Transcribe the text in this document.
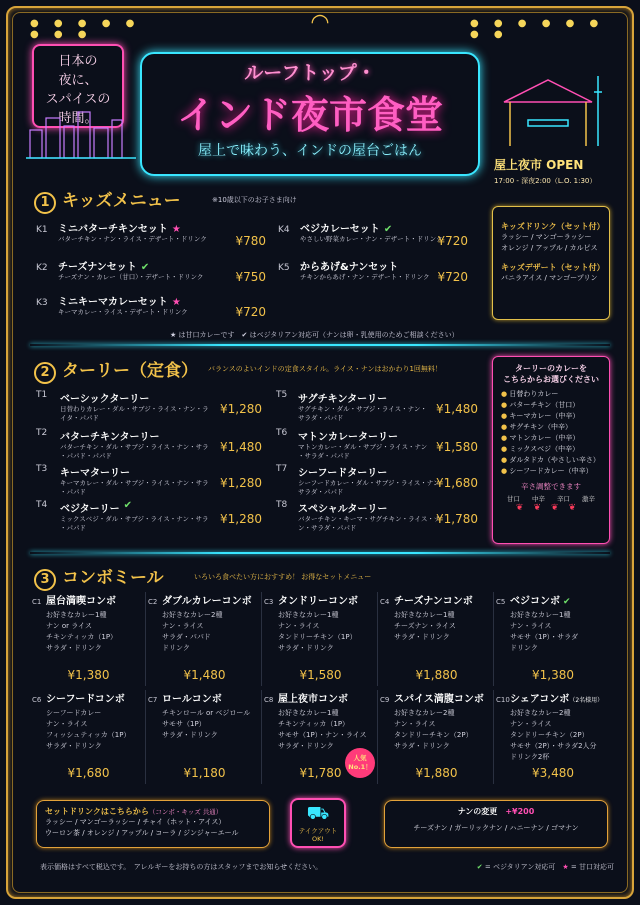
● ● ● ● ● ● ● ●
● ● ● ● ● ● ● ●
◠
日本の
夜に、
スパイスの
時間。
ルーフトップ・
インド夜市食堂
屋上で味わう、インドの屋台ごはん
屋上夜市 OPEN
17:00 - 深夜2:00（L.O. 1:30）
1 キッズメニュー	※10歳以下のお子さま向け
K1	ミニバターチキンセット ★
バターチキン・ナン・ライス・デザート・ドリンク	¥780
K2	チーズナンセット ✔
チーズナン・カレー（甘口）・デザート・ドリンク	¥750
K3	ミニキーマカレーセット ★
キーマカレー・ライス・デザート・ドリンク	¥720
K4	ベジカレーセット ✔
やさしい野菜カレー・ナン・デザート・ドリンク
¥720
K5	からあげ&ナンセット
チキンからあげ・ナン・デザート・ドリンク ¥720
★ は甘口カレーです　✔ はベジタリアン対応可（ナンは卵・乳使用のためご相談ください）
キッズドリンク（セット付）
ラッシー / マンゴーラッシー
オレンジ / アップル / カルピス
キッズデザート（セット付）
バニラアイス / マンゴープリン
2 ターリー（定食）	バランスのよいインドの定食スタイル。ライス・ナンはおかわり1回無料！
T1	ベーシックターリー
日替わりカレー・ダル・サブジ・ライス・ナン・ラ
イタ・パパド
¥1,280
T2	バターチキンターリー
バターチキン・ダル・サブジ・ライス・ナン・サラ
・パパド・パパド
¥1,480
T3	キーマターリー
キーマカレー・ダル・サブジ・ライス・ナン・サラ
・パパド
¥1,280
T4	ベジターリー ✔
ミックスベジ・ダル・サブジ・ライス・ナン・サラ
・パパド
¥1,280
T5	サグチキンターリー
サグチキン・ダル・サブジ・ライス・ナン・
サラダ・パパド
¥1,480
T6	マトンカレーターリー
マトンカレー・ダル・サブジ・ライス・ナン
・サラダ・パパド
¥1,580
T7	シーフードターリー
シーフードカレー・ダル・サブジ・ライス・ナン
サラダ・パパド
¥1,680
T8	スペシャルターリー
バターチキン・キーマ・サグチキン・ライス・ナ
ン・サラダ・パパド
¥1,780
ターリーのカレーを
こちらからお選びください
● 日替わりカレー
● バターチキン（甘口）
● キーマカレー（中辛）
● サグチキン（中辛）
● マトンカレー（中辛）
● ミックスベジ（中辛）
● ダルタドカ（やさしい辛さ）
● シーフードカレー（中辛）
辛さ調整できます
甘口 中辛 辛口 激辛
❦❦❦❦
3 コンボミール	いろいろ食べたい方におすすめ！ お得なセットメニュー
C1 屋台満喫コンボ
お好きなカレー1種
ナン or ライス
チキンティッカ（1P）
サラダ・ドリンク
¥1,380
C2 ダブルカレーコンボ
お好きなカレー2種
ナン・ライス
サラダ・パパド
ドリンク
¥1,480
C3 タンドリーコンボ
お好きなカレー1種
ナン・ライス
タンドリーチキン（1P）
サラダ・ドリンク
¥1,580
C4 チーズナンコンボ
お好きなカレー1種
チーズナン・ライス
サラダ・ドリンク
¥1,880
C5 ベジコンボ ✔
お好きなカレー1種
ナン・ライス
サモサ（1P）・サラダ
ドリンク
¥1,380
C6 シーフードコンボ
シーフードカレー
ナン・ライス
フィッシュティッカ（1P）
サラダ・ドリンク
¥1,680
C7 ロールコンボ
チキンロール or ベジロール
サモサ（1P）
サラダ・ドリンク
¥1,180
C8 屋上夜市コンボ
お好きなカレー1種
チキンティッカ（1P）
サモサ（1P）・ナン・ライス
サラダ・ドリンク
¥1,780
人気 No.1！
C9 スパイス満腹コンボ
お好きなカレー2種
ナン・ライス
タンドリーチキン（2P）
サラダ・ドリンク
¥1,880
C10 シェアコンボ （2名様用）
お好きなカレー2種
ナン・ライス
タンドリーチキン（2P）
サモサ（2P）・サラダ2人分
ドリンク2杯
¥3,480
セットドリンクはこちらから（コンボ・キッズ 共通）
ラッシー / マンゴーラッシー / チャイ（ホット・アイス）
ウーロン茶 / オレンジ / アップル / コーラ / ジンジャーエール
⛟
テイクアウト OK!
ナンの変更　 +¥200
チーズナン / ガーリックナン / ハニーナン / ゴマナン
表示価格はすべて税込です。　アレルギーをお持ちの方はスタッフまでお知らせください。	✔ = ベジタリアン対応可　 ★ = 甘口対応可
